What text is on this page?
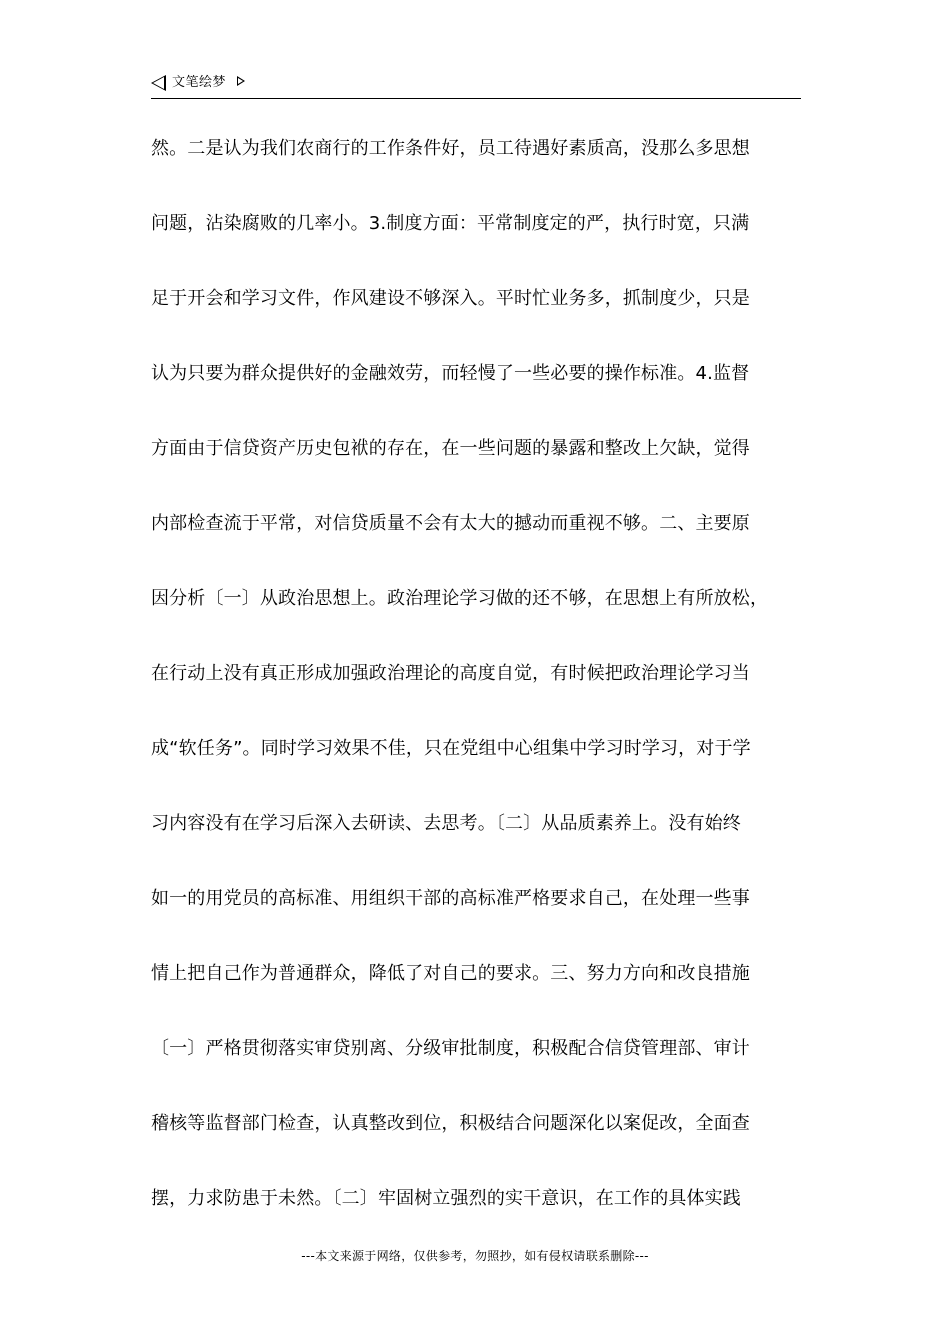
文笔绘梦
然。二是认为我们农商行的工作条件好，员工待遇好素质高，没那么多思想
问题，沾染腐败的几率小。3.制度方面：平常制度定的严，执行时宽，只满
足于开会和学习文件，作风建设不够深入。平时忙业务多，抓制度少，只是
认为只要为群众提供好的金融效劳，而轻慢了一些必要的操作标准。4.监督
方面由于信贷资产历史包袱的存在，在一些问题的暴露和整改上欠缺，觉得
内部检查流于平常，对信贷质量不会有太大的撼动而重视不够。二、主要原
因分析〔一〕从政治思想上。政治理论学习做的还不够，在思想上有所放松，
在行动上没有真正形成加强政治理论的高度自觉，有时候把政治理论学习当
成“软任务”。同时学习效果不佳，只在党组中心组集中学习时学习，对于学
习内容没有在学习后深入去研读、去思考。〔二〕从品质素养上。没有始终
如一的用党员的高标准、用组织干部的高标准严格要求自己，在处理一些事
情上把自己作为普通群众，降低了对自己的要求。三、努力方向和改良措施
〔一〕严格贯彻落实审贷别离、分级审批制度，积极配合信贷管理部、审计
稽核等监督部门检查，认真整改到位，积极结合问题深化以案促改，全面查
摆，力求防患于未然。〔二〕牢固树立强烈的实干意识，在工作的具体实践
---本文来源于网络，仅供参考，勿照抄，如有侵权请联系删除---
